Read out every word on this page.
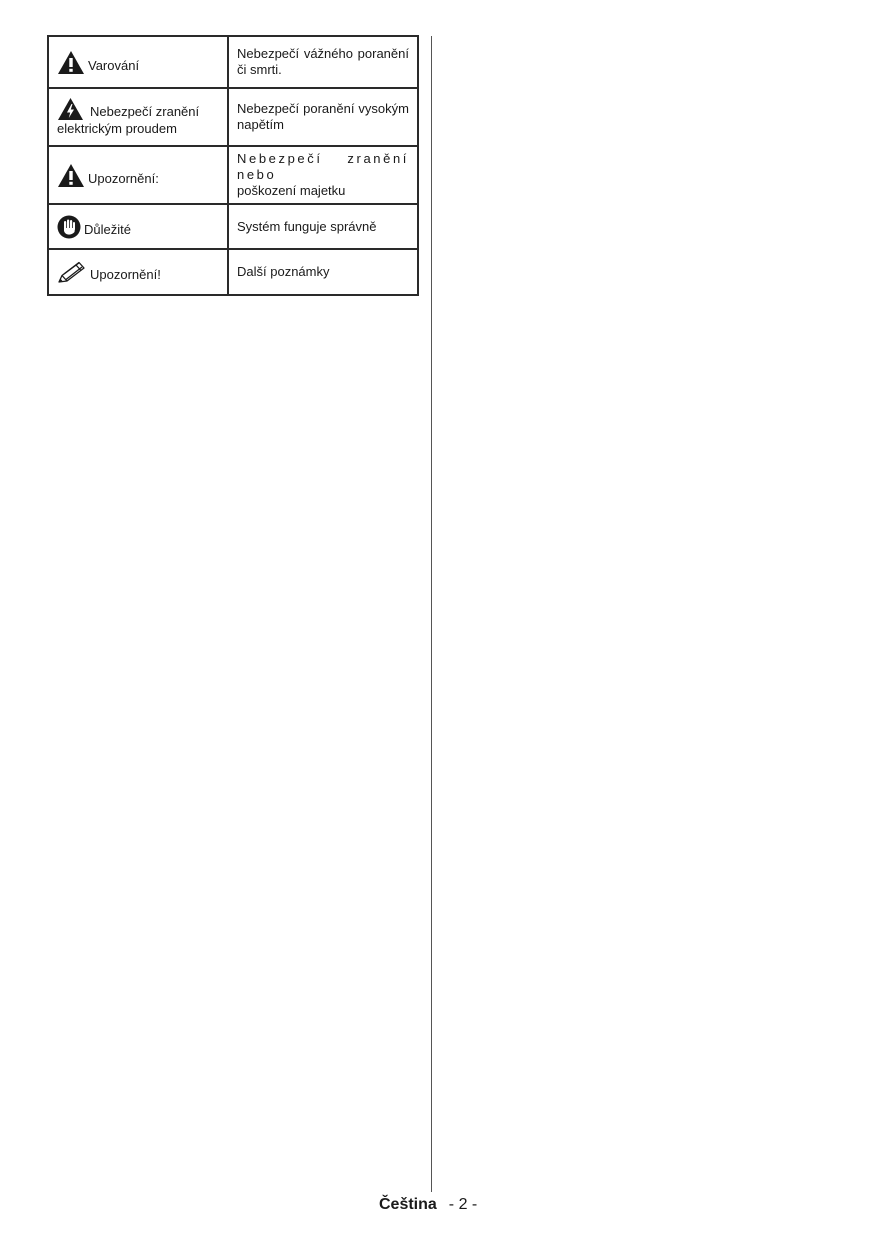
Varování	Nebezpečí vážného poranění či smrti.

Nebezpečí zranění
elektrickým proudem	Nebezpečí poranění vysokým napětím

Upozornění:	Nebezpečí zranění nebo
poškození majetku

Důležité	Systém funguje správně

Upozornění!	Další poznámky
Čeština - 2 -
